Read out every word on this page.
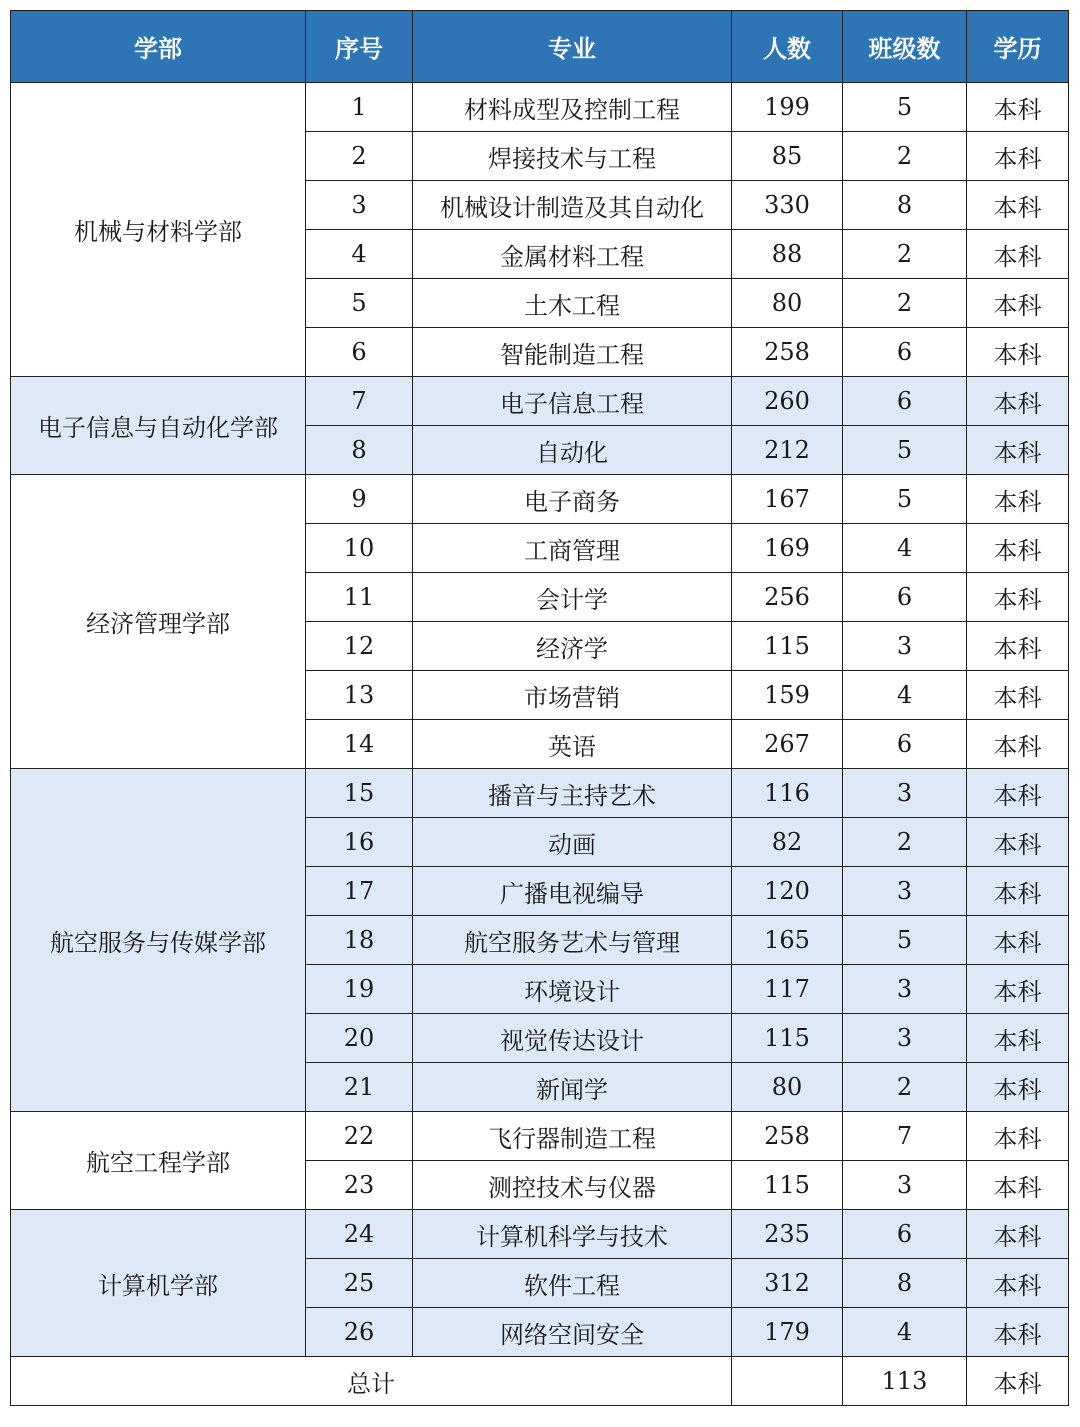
学部	序号	专业	人数	班级数	学历
机械与材料学部	1	材料成型及控制工程	199	5	本科
	2	焊接技术与工程	85	2	本科
	3	机械设计制造及其自动化	330	8	本科
	4	金属材料工程	88	2	本科
	5	土木工程	80	2	本科
	6	智能制造工程	258	6	本科
电子信息与自动化学部	7	电子信息工程	260	6	本科
	8	自动化	212	5	本科
经济管理学部	9	电子商务	167	5	本科
	10	工商管理	169	4	本科
	11	会计学	256	6	本科
	12	经济学	115	3	本科
	13	市场营销	159	4	本科
	14	英语	267	6	本科
航空服务与传媒学部	15	播音与主持艺术	116	3	本科
	16	动画	82	2	本科
	17	广播电视编导	120	3	本科
	18	航空服务艺术与管理	165	5	本科
	19	环境设计	117	3	本科
	20	视觉传达设计	115	3	本科
	21	新闻学	80	2	本科
航空工程学部	22	飞行器制造工程	258	7	本科
	23	测控技术与仪器	115	3	本科
计算机学部	24	计算机科学与技术	235	6	本科
	25	软件工程	312	8	本科
	26	网络空间安全	179	4	本科
总计				113	本科
